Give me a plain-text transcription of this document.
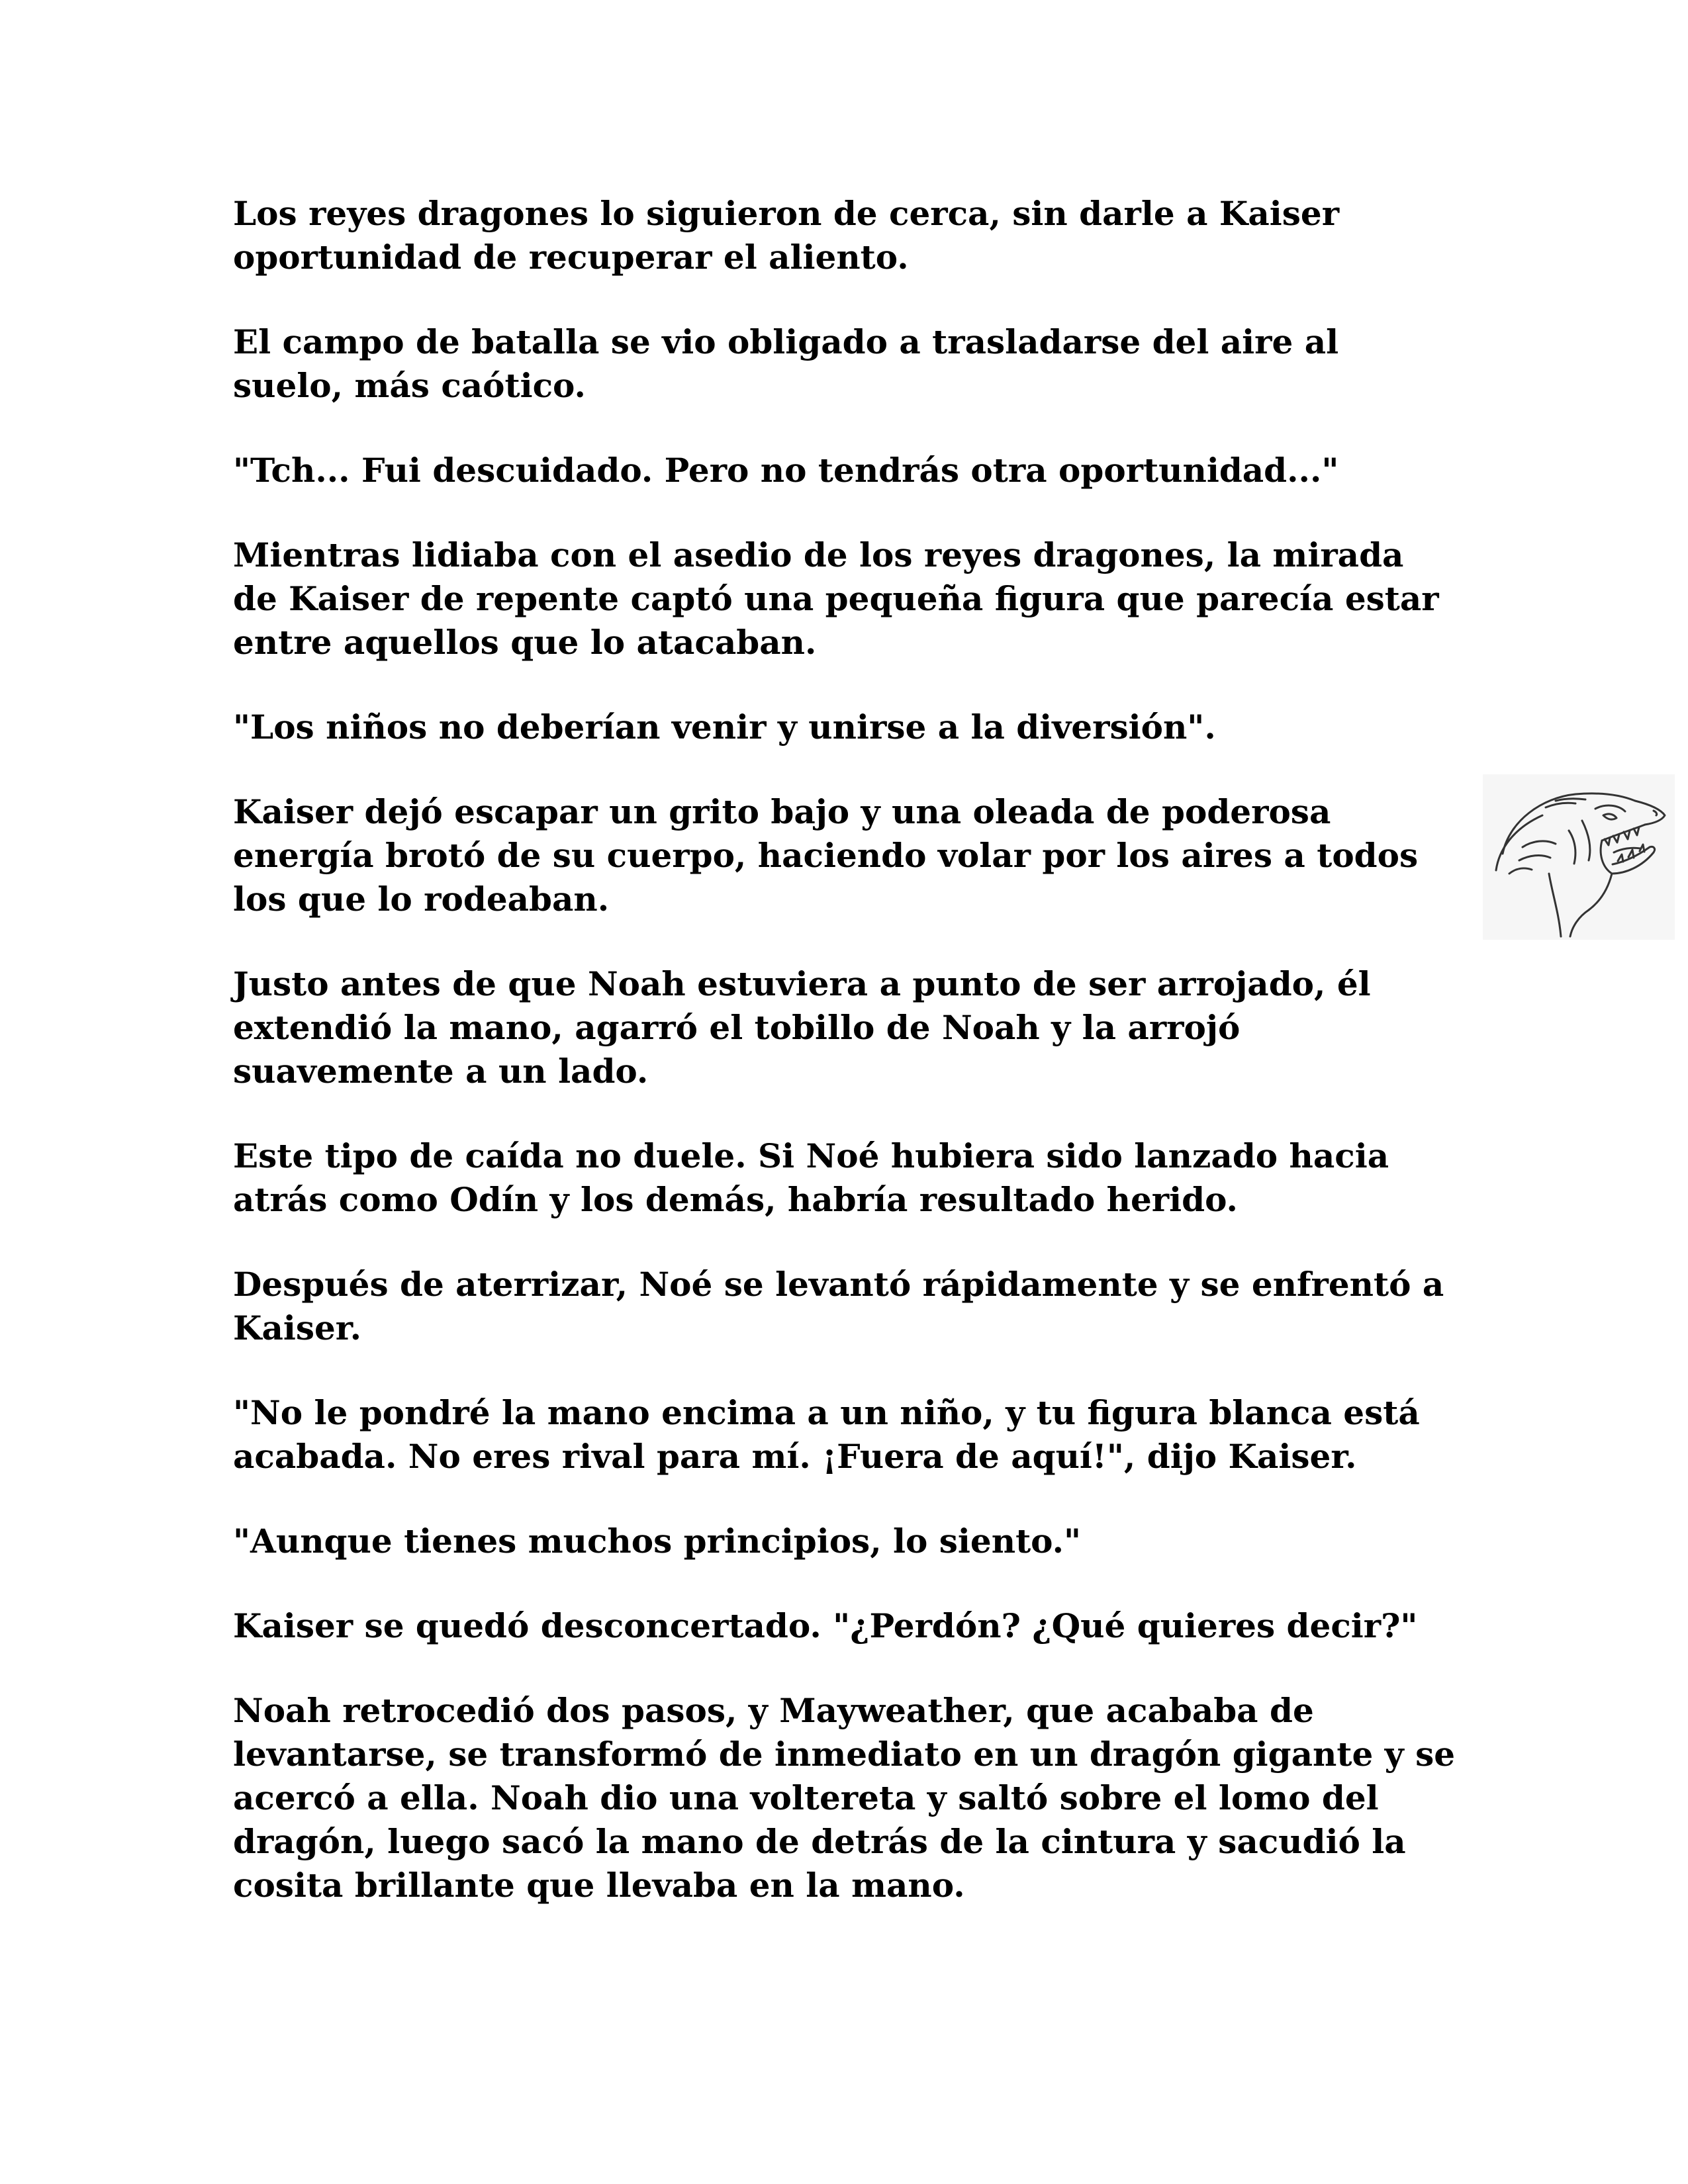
Los reyes dragones lo siguieron de cerca, sin darle a Kaiser oportunidad de recuperar el aliento.

El campo de batalla se vio obligado a trasladarse del aire al suelo, más caótico.

"Tch... Fui descuidado. Pero no tendrás otra oportunidad..."

Mientras lidiaba con el asedio de los reyes dragones, la mirada de Kaiser de repente captó una pequeña figura que parecía estar entre aquellos que lo atacaban.

"Los niños no deberían venir y unirse a la diversión".

Kaiser dejó escapar un grito bajo y una oleada de poderosa energía brotó de su cuerpo, haciendo volar por los aires a todos los que lo rodeaban.

Justo antes de que Noah estuviera a punto de ser arrojado, él extendió la mano, agarró el tobillo de Noah y la arrojó suavemente a un lado.

Este tipo de caída no duele. Si Noé hubiera sido lanzado hacia atrás como Odín y los demás, habría resultado herido.

Después de aterrizar, Noé se levantó rápidamente y se enfrentó a Kaiser.

"No le pondré la mano encima a un niño, y tu figura blanca está acabada. No eres rival para mí. ¡Fuera de aquí!", dijo Kaiser.

"Aunque tienes muchos principios, lo siento."

Kaiser se quedó desconcertado. "¿Perdón? ¿Qué quieres decir?"

Noah retrocedió dos pasos, y Mayweather, que acababa de levantarse, se transformó de inmediato en un dragón gigante y se acercó a ella. Noah dio una voltereta y saltó sobre el lomo del dragón, luego sacó la mano de detrás de la cintura y sacudió la cosita brillante que llevaba en la mano.
